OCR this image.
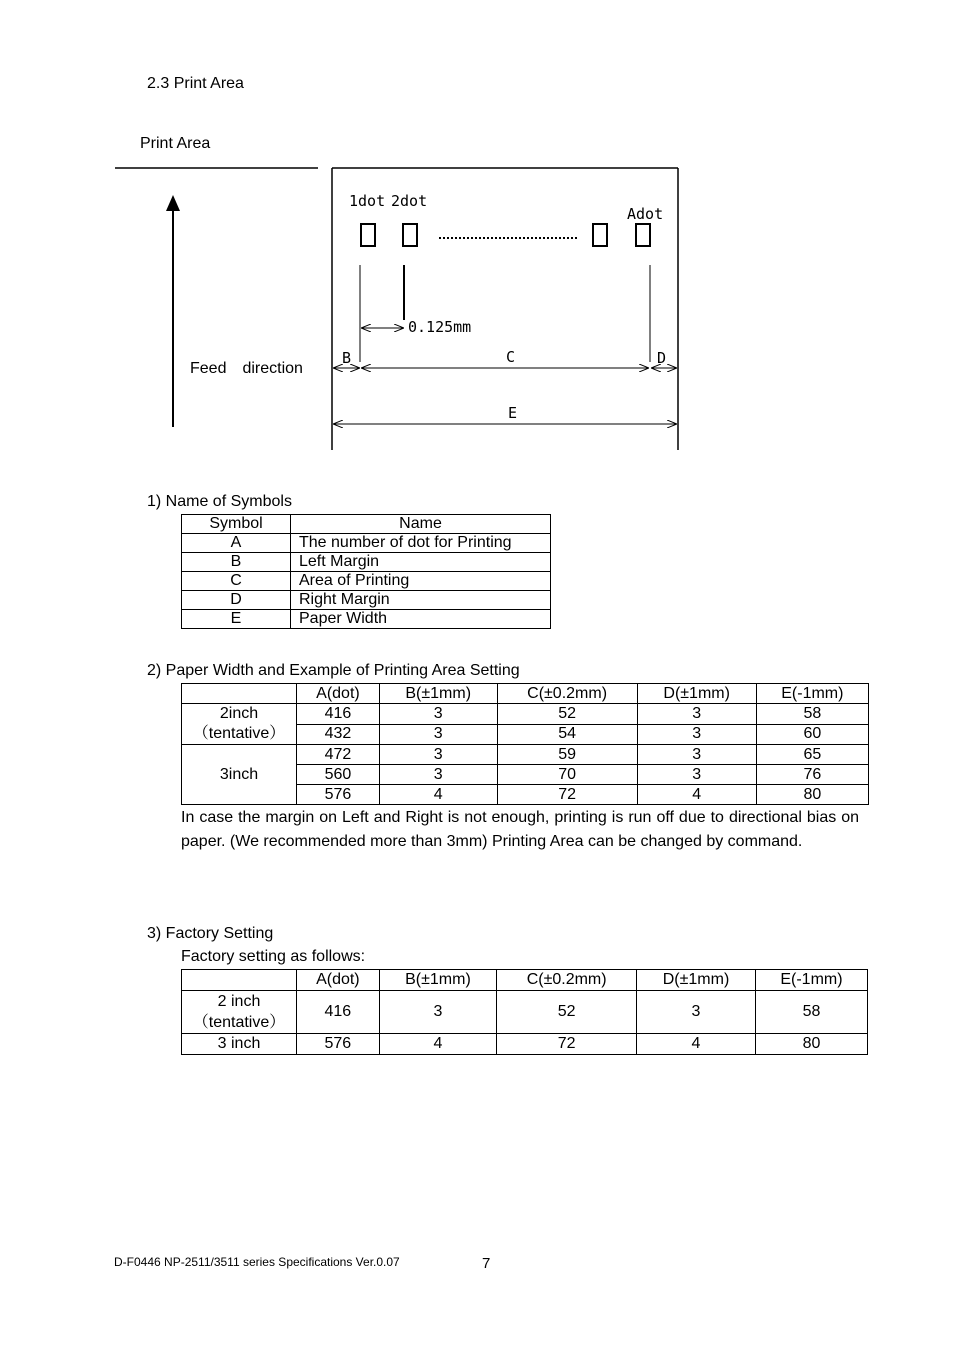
2.3 Print Area
Print Area
Feed　direction
1dot 2dot
Adot
0.125mm
B	C	D
E
1) Name of Symbols
Symbol	Name
A	The number of dot for Printing
B	Left Margin
C	Area of Printing
D	Right Margin
E	Paper Width
2) Paper Width and Example of Printing Area Setting
	A(dot)	B(±1mm)	C(±0.2mm)	D(±1mm)	E(-1mm)
2inch
（tentative）	416	3	52	3	58
	432	3	54	3	60
3inch	472	3	59	3	65
	560	3	70	3	76
	576	4	72	4	80
In case the margin on Left and Right is not enough, printing is run off due to directional bias on paper. (We recommended more than 3mm) Printing Area can be changed by command.
3) Factory Setting
Factory setting as follows:
	A(dot)	B(±1mm)	C(±0.2mm)	D(±1mm)	E(-1mm)
2 inch
（tentative）	416	3	52	3	58
3 inch	576	4	72	4	80
D-F0446 NP-2511/3511 series Specifications Ver.0.07	7
